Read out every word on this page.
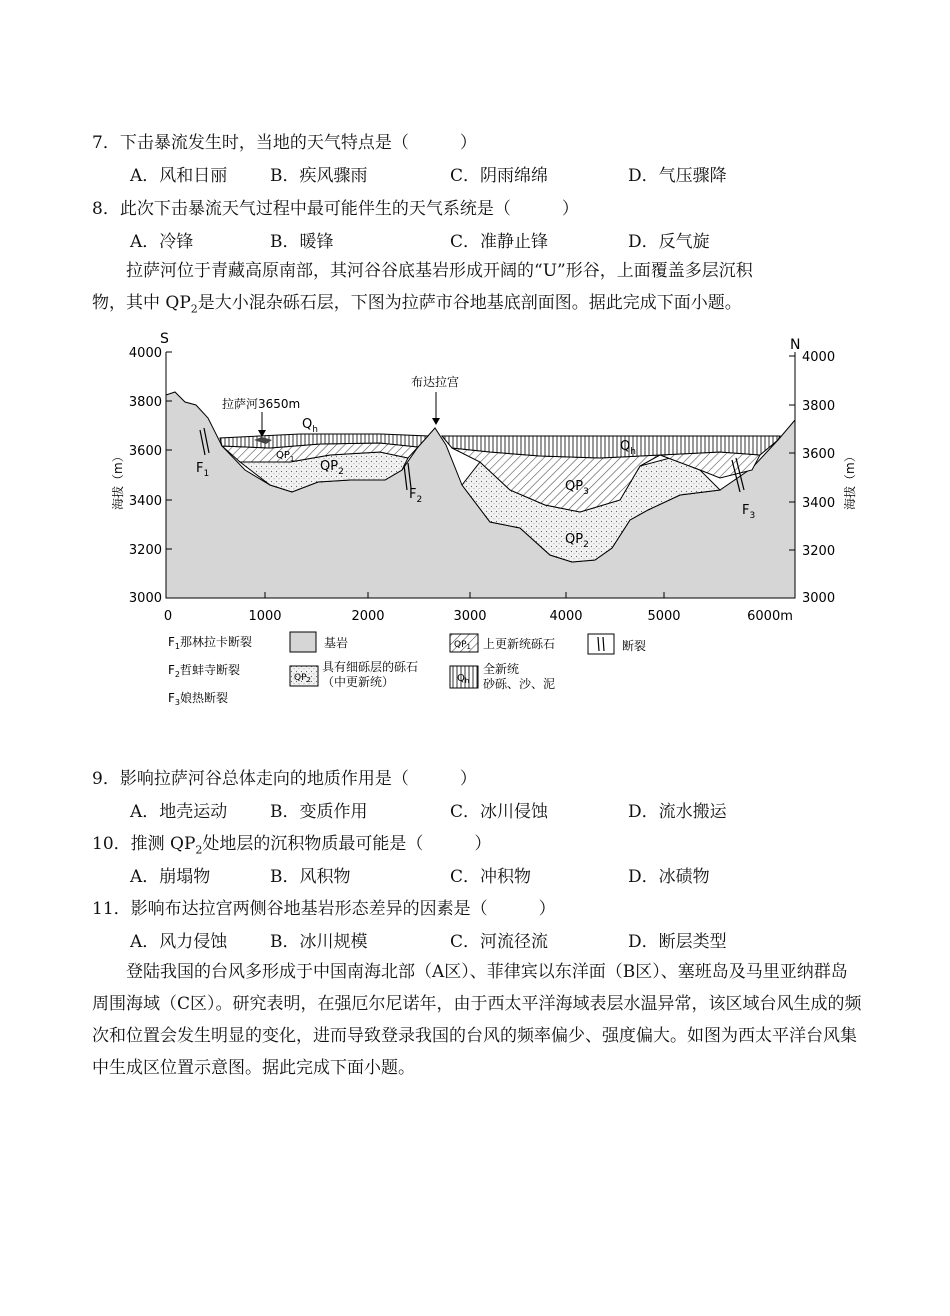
7．下击暴流发生时，当地的天气特点是（　　　）
A．风和日丽	B．疾风骤雨	C．阴雨绵绵	D．气压骤降
8．此次下击暴流天气过程中最可能伴生的天气系统是（　　　）
A．冷锋	B．暖锋	C．准静止锋	D．反气旋
拉萨河位于青藏高原南部，其河谷谷底基岩形成开阔的“U”形谷，上面覆盖多层沉积
物，其中 $QP_2$是大小混杂砾石层，下图为拉萨市谷地基底剖面图。据此完成下面小题。
S	N
4000
3800
3600
3400
3200
3000
4000
3800
3600
3400
3200
3000
海拔（m）	海拔（m）
0	1000	2000	3000	4000	5000	6000m
拉萨河3650m
布达拉宫
$Q_h$
$Q_h$
$QP_1$ $QP_2$
$QP_3$
$QP_2$
$F_1$
$F_2$
$F_3$
$F_1$那林拉卡断裂
$F_2$哲蚌寺断裂
$F_3$娘热断裂
基岩
$QP_2$
具有细砾层的砾石
（中更新统）
$QP_1$ 上更新统砾石
$Q_h$
全新统
砂砾、沙、泥
断裂
9．影响拉萨河谷总体走向的地质作用是（　　　）
A．地壳运动	B．变质作用	C．冰川侵蚀	D．流水搬运
10．推测 $QP_2$处地层的沉积物质最可能是（　　　）
A．崩塌物	B．风积物	C．冲积物	D．冰碛物
11．影响布达拉宫两侧谷地基岩形态差异的因素是（　　　）
A．风力侵蚀	B．冰川规模	C．河流径流	D．断层类型
登陆我国的台风多形成于中国南海北部（A区）、菲律宾以东洋面（B区）、塞班岛及马里亚纳群岛周围海域（C区）。研究表明，在强厄尔尼诺年，由于西太平洋海域表层水温异常，该区域台风生成的频次和位置会发生明显的变化，进而导致登录我国的台风的频率偏少、强度偏大。如图为西太平洋台风集中生成区位置示意图。据此完成下面小题。
